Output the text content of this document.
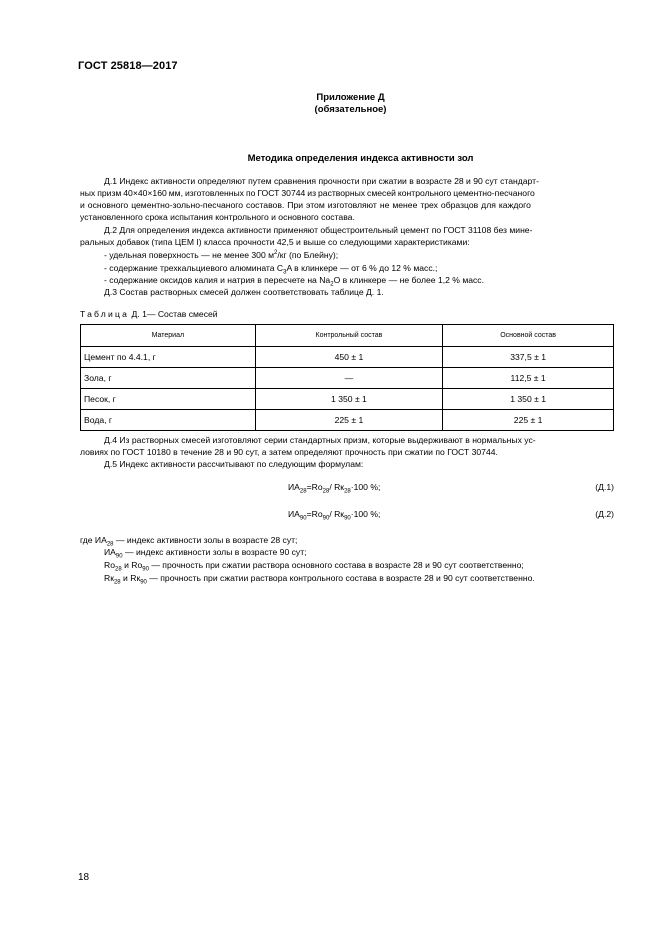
ГОСТ 25818—2017
Приложение Д
(обязательное)
Методика определения индекса активности зол
Д.1 Индекс активности определяют путем сравнения прочности при сжатии в возрасте 28 и 90 сут стандарт-
ных призм 40×40×160 мм, изготовленных по ГОСТ 30744 из растворных смесей контрольного цементно-песчаного
и основного цементно-зольно-песчаного составов. При этом изготовляют не менее трех образцов для каждого
установленного срока испытания контрольного и основного состава.
Д.2 Для определения индекса активности применяют общестроительный цемент по ГОСТ 31108 без мине-
ральных добавок (типа ЦЕМ I) класса прочности 42,5 и выше со следующими характеристиками:
- удельная поверхность — не менее 300 $м^2/кг$ (по Блейну);
- содержание трехкальциевого алюмината $C_3A$ в клинкере — от 6 % до 12 % масс.;
- содержание оксидов калия и натрия в пересчете на $Na_2O$ в клинкере — не более 1,2 % масс.
Д.3 Состав растворных смесей должен соответствовать таблице Д. 1.
Таблица Д. 1— Состав смесей
Материал	Контрольный состав	Основной состав
Цемент по 4.4.1, г	450 ± 1	337,5 ± 1
Зола, г	—	112,5 ± 1
Песок, г	1 350 ± 1	1 350 ± 1
Вода, г	225 ± 1	225 ± 1
Д.4 Из растворных смесей изготовляют серии стандартных призм, которые выдерживают в нормальных ус-
ловиях по ГОСТ 10180 в течение 28 и 90 сут, а затем определяют прочность при сжатии по ГОСТ 30744.
Д.5 Индекс активности рассчитывают по следующим формулам:
$ИА_{28}=Rо_{28}/$ $Rк_{28}\cdot 100$ %;	(Д.1)
$ИА_{90}=Rо_{90}/$ $Rк_{90}\cdot 100$ %;	(Д.2)
где $ИА_{28}$ — индекс активности золы в возрасте 28 сут;
$ИА_{90}$ — индекс активности золы в возрасте 90 сут;
$Rо_{28}$ и $Rо_{90}$ — прочность при сжатии раствора основного состава в возрасте 28 и 90 сут соответственно;
$Rк_{28}$ и $Rк_{90}$ — прочность при сжатии раствора контрольного состава в возрасте 28 и 90 сут соответственно.
18
